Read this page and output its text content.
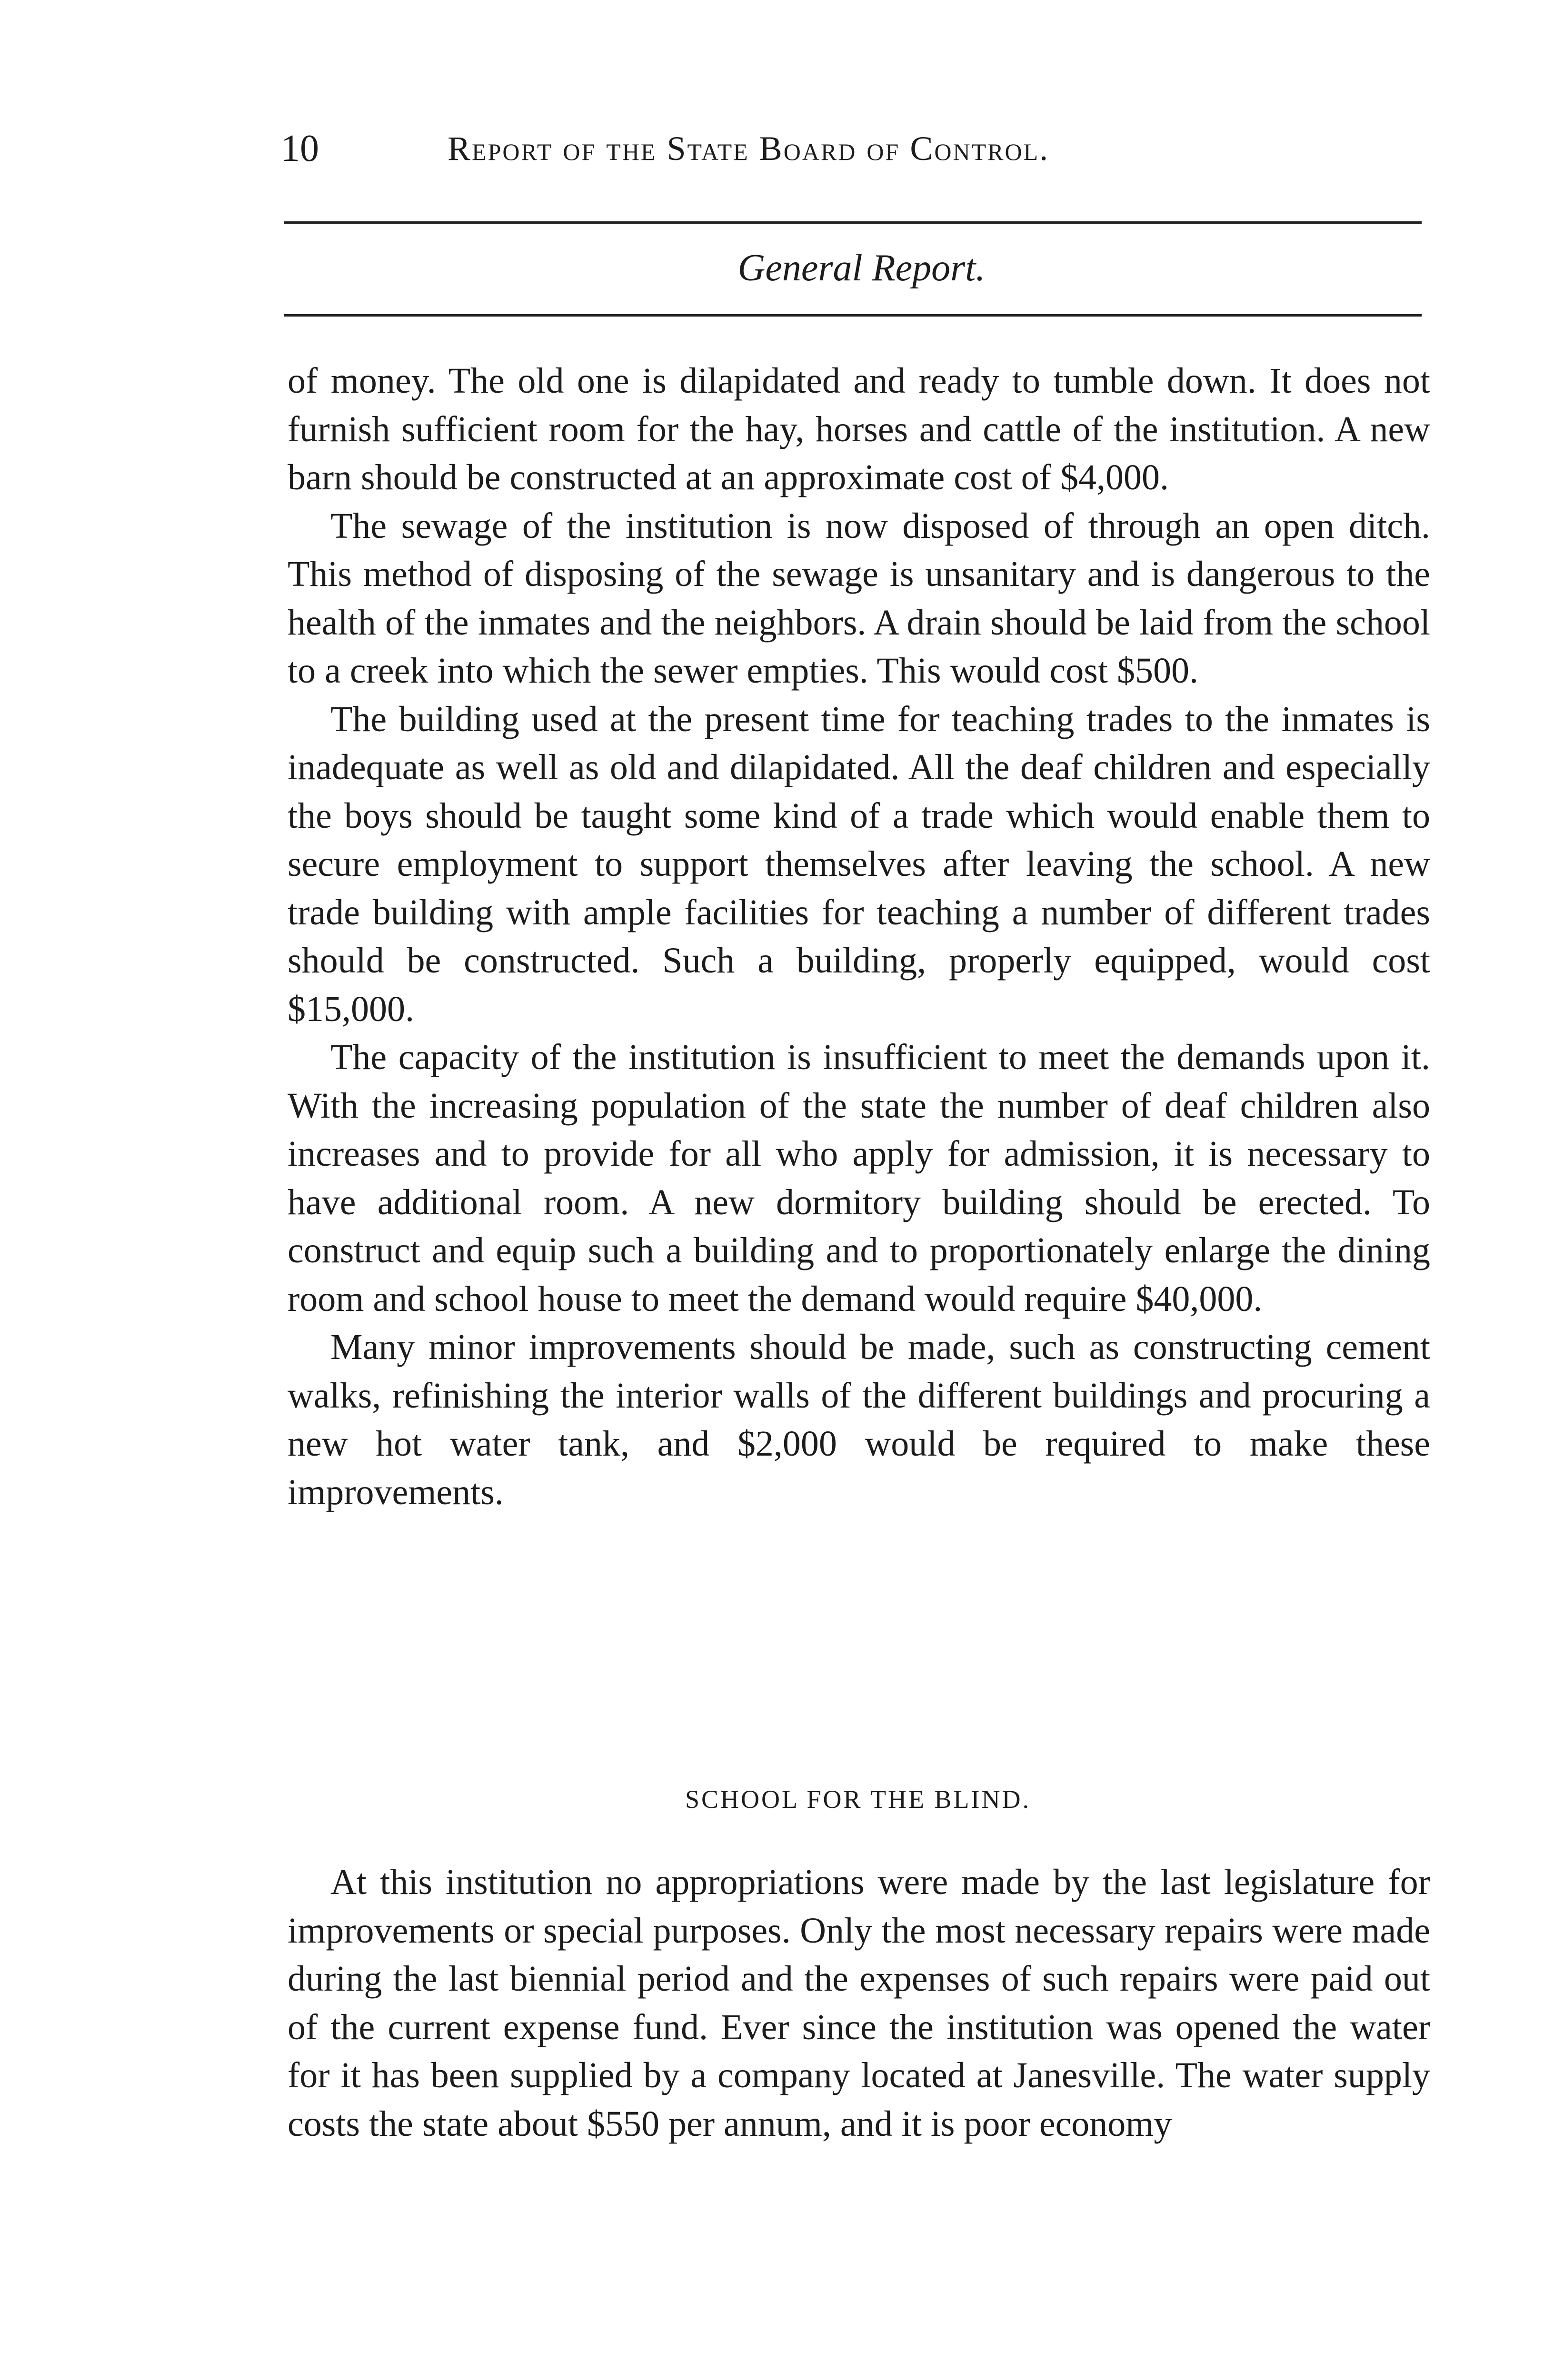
10	Report of the State Board of Control.
General Report.

of money. The old one is dilapidated and ready to tumble down. It does not furnish sufficient room for the hay, horses and cattle of the institution. A new barn should be constructed at an approximate cost of $4,000.

The sewage of the institution is now disposed of through an open ditch. This method of disposing of the sewage is unsanitary and is dangerous to the health of the inmates and the neighbors. A drain should be laid from the school to a creek into which the sewer empties. This would cost $500.

The building used at the present time for teaching trades to the inmates is inadequate as well as old and dilapidated. All the deaf children and especially the boys should be taught some kind of a trade which would enable them to secure employment to support themselves after leaving the school. A new trade building with ample facilities for teaching a number of different trades should be constructed. Such a building, properly equipped, would cost $15,000.

The capacity of the institution is insufficient to meet the demands upon it. With the increasing population of the state the number of deaf children also increases and to provide for all who apply for admission, it is necessary to have additional room. A new dormitory building should be erected. To construct and equip such a building and to proportionately enlarge the dining room and school house to meet the demand would require $40,000.

Many minor improvements should be made, such as constructing cement walks, refinishing the interior walls of the different buildings and procuring a new hot water tank, and $2,000 would be required to make these improvements.

SCHOOL FOR THE BLIND.

At this institution no appropriations were made by the last legislature for improvements or special purposes. Only the most necessary repairs were made during the last biennial period and the expenses of such repairs were paid out of the current expense fund. Ever since the institution was opened the water for it has been supplied by a company located at Janesville. The water supply costs the state about $550 per annum, and it is poor economy
